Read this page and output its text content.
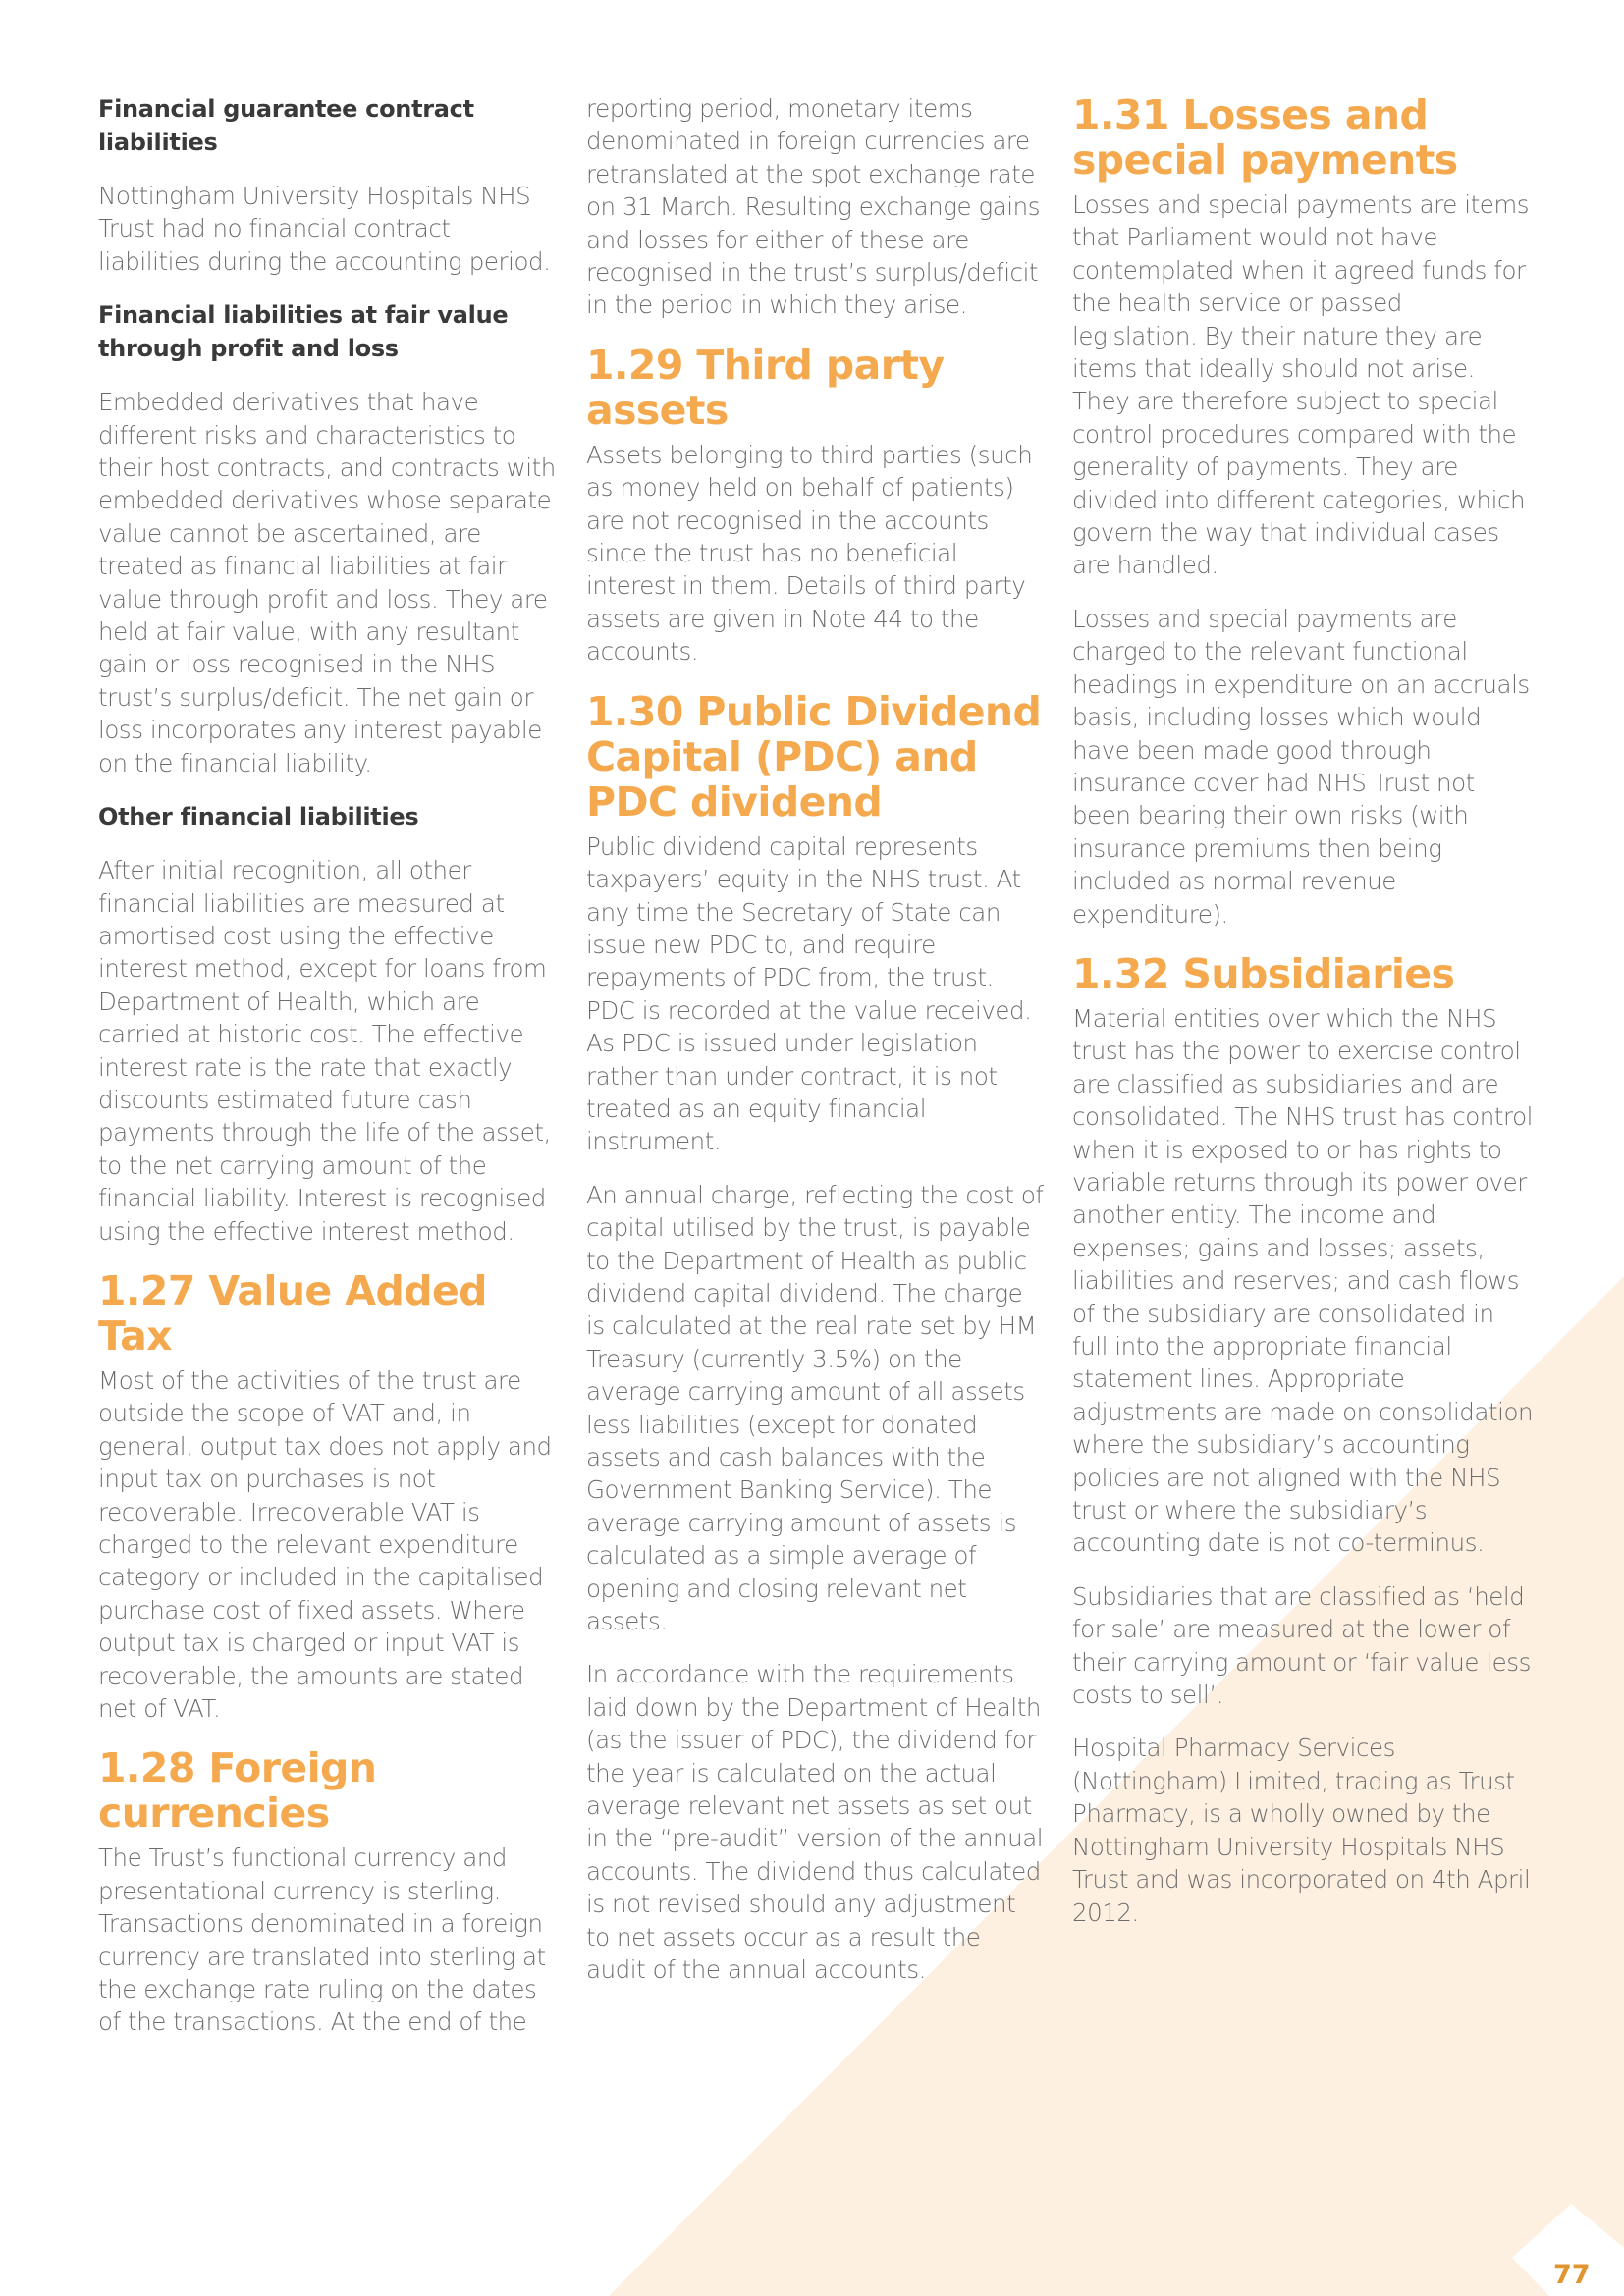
Financial guarantee contract liabilities

Nottingham University Hospitals NHS Trust had no financial contract liabilities during the accounting period.

Financial liabilities at fair value through profit and loss

Embedded derivatives that have different risks and characteristics to their host contracts, and contracts with embedded derivatives whose separate value cannot be ascertained, are treated as financial liabilities at fair value through profit and loss. They are held at fair value, with any resultant gain or loss recognised in the NHS trust’s surplus/deficit. The net gain or loss incorporates any interest payable on the financial liability.

Other financial liabilities

After initial recognition, all other financial liabilities are measured at amortised cost using the effective interest method, except for loans from Department of Health, which are carried at historic cost. The effective interest rate is the rate that exactly discounts estimated future cash payments through the life of the asset, to the net carrying amount of the financial liability. Interest is recognised using the effective interest method.

1.27 Value Added Tax

Most of the activities of the trust are outside the scope of VAT and, in general, output tax does not apply and input tax on purchases is not recoverable. Irrecoverable VAT is charged to the relevant expenditure category or included in the capitalised purchase cost of fixed assets. Where output tax is charged or input VAT is recoverable, the amounts are stated net of VAT.

1.28 Foreign currencies

The Trust’s functional currency and presentational currency is sterling. Transactions denominated in a foreign currency are translated into sterling at the exchange rate ruling on the dates of the transactions. At the end of the

reporting period, monetary items denominated in foreign currencies are retranslated at the spot exchange rate on 31 March. Resulting exchange gains and losses for either of these are recognised in the trust’s surplus/deficit in the period in which they arise.

1.29 Third party assets

Assets belonging to third parties (such as money held on behalf of patients) are not recognised in the accounts since the trust has no beneficial interest in them. Details of third party assets are given in Note 44 to the accounts.

1.30 Public Dividend Capital (PDC) and PDC dividend

Public dividend capital represents taxpayers’ equity in the NHS trust. At any time the Secretary of State can issue new PDC to, and require repayments of PDC from, the trust. PDC is recorded at the value received. As PDC is issued under legislation rather than under contract, it is not treated as an equity financial instrument.

An annual charge, reflecting the cost of capital utilised by the trust, is payable to the Department of Health as public dividend capital dividend. The charge is calculated at the real rate set by HM Treasury (currently 3.5%) on the average carrying amount of all assets less liabilities (except for donated assets and cash balances with the Government Banking Service). The average carrying amount of assets is calculated as a simple average of opening and closing relevant net assets.

In accordance with the requirements laid down by the Department of Health (as the issuer of PDC), the dividend for the year is calculated on the actual average relevant net assets as set out in the “pre-audit” version of the annual accounts. The dividend thus calculated is not revised should any adjustment to net assets occur as a result the audit of the annual accounts.

1.31 Losses and special payments

Losses and special payments are items that Parliament would not have contemplated when it agreed funds for the health service or passed legislation. By their nature they are items that ideally should not arise. They are therefore subject to special control procedures compared with the generality of payments. They are divided into different categories, which govern the way that individual cases are handled.

Losses and special payments are charged to the relevant functional headings in expenditure on an accruals basis, including losses which would have been made good through insurance cover had NHS Trust not been bearing their own risks (with insurance premiums then being included as normal revenue expenditure).

1.32 Subsidiaries

Material entities over which the NHS trust has the power to exercise control are classified as subsidiaries and are consolidated. The NHS trust has control when it is exposed to or has rights to variable returns through its power over another entity. The income and expenses; gains and losses; assets, liabilities and reserves; and cash flows of the subsidiary are consolidated in full into the appropriate financial statement lines. Appropriate adjustments are made on consolidation where the subsidiary’s accounting policies are not aligned with the NHS trust or where the subsidiary’s accounting date is not co-terminus.

Subsidiaries that are classified as ‘held for sale’ are measured at the lower of their carrying amount or ‘fair value less costs to sell’.

Hospital Pharmacy Services (Nottingham) Limited, trading as Trust Pharmacy, is a wholly owned by the Nottingham University Hospitals NHS Trust and was incorporated on 4th April 2012.

77
